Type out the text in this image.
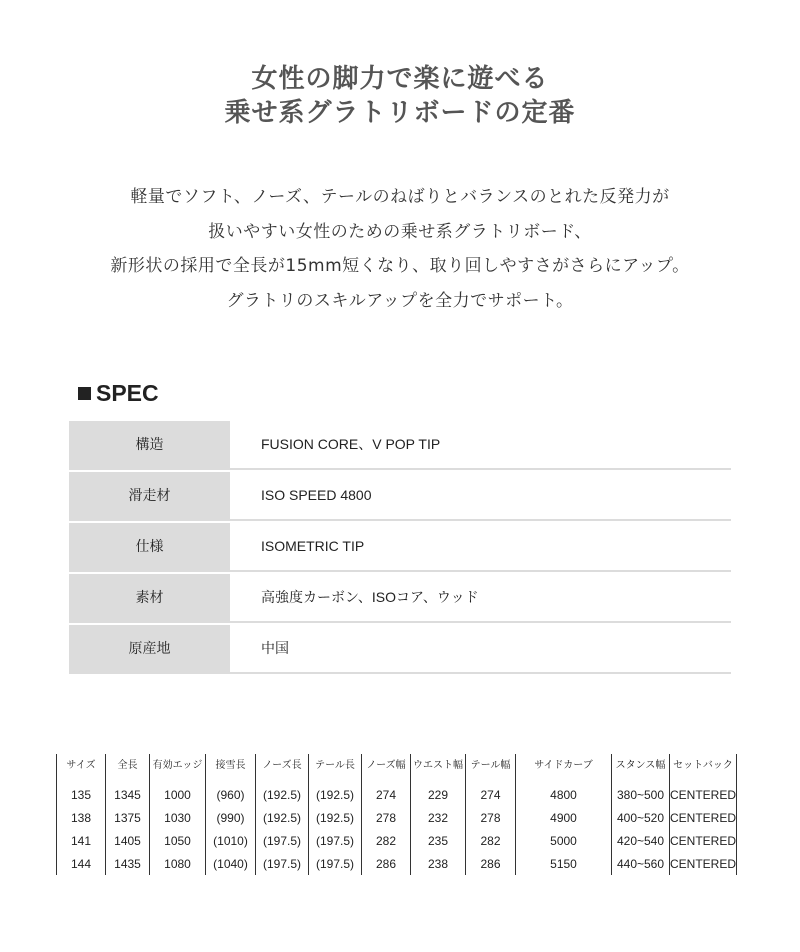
女性の脚力で楽に遊べる
乗せ系グラトリボードの定番
軽量でソフト、ノーズ、テールのねばりとバランスのとれた反発力が
扱いやすい女性のための乗せ系グラトリボード、
新形状の採用で全長が15mm短くなり、取り回しやすさがさらにアップ。
グラトリのスキルアップを全力でサポート。
SPEC
構造	FUSION CORE、V POP TIP
滑走材	ISO SPEED 4800
仕様	ISOMETRIC TIP
素材	高強度カーボン、ISOコア、ウッド
原産地	中国
サイズ	全長	有効エッジ	接雪長	ノーズ長	テール長	ノーズ幅	ウエスト幅	テール幅	サイドカーブ	スタンス幅	セットバック
135	1345	1000	(960)	(192.5)	(192.5)	274	229	274	4800	380~500	CENTERED
138	1375	1030	(990)	(192.5)	(192.5)	278	232	278	4900	400~520	CENTERED
141	1405	1050	(1010)	(197.5)	(197.5)	282	235	282	5000	420~540	CENTERED
144	1435	1080	(1040)	(197.5)	(197.5)	286	238	286	5150	440~560	CENTERED
